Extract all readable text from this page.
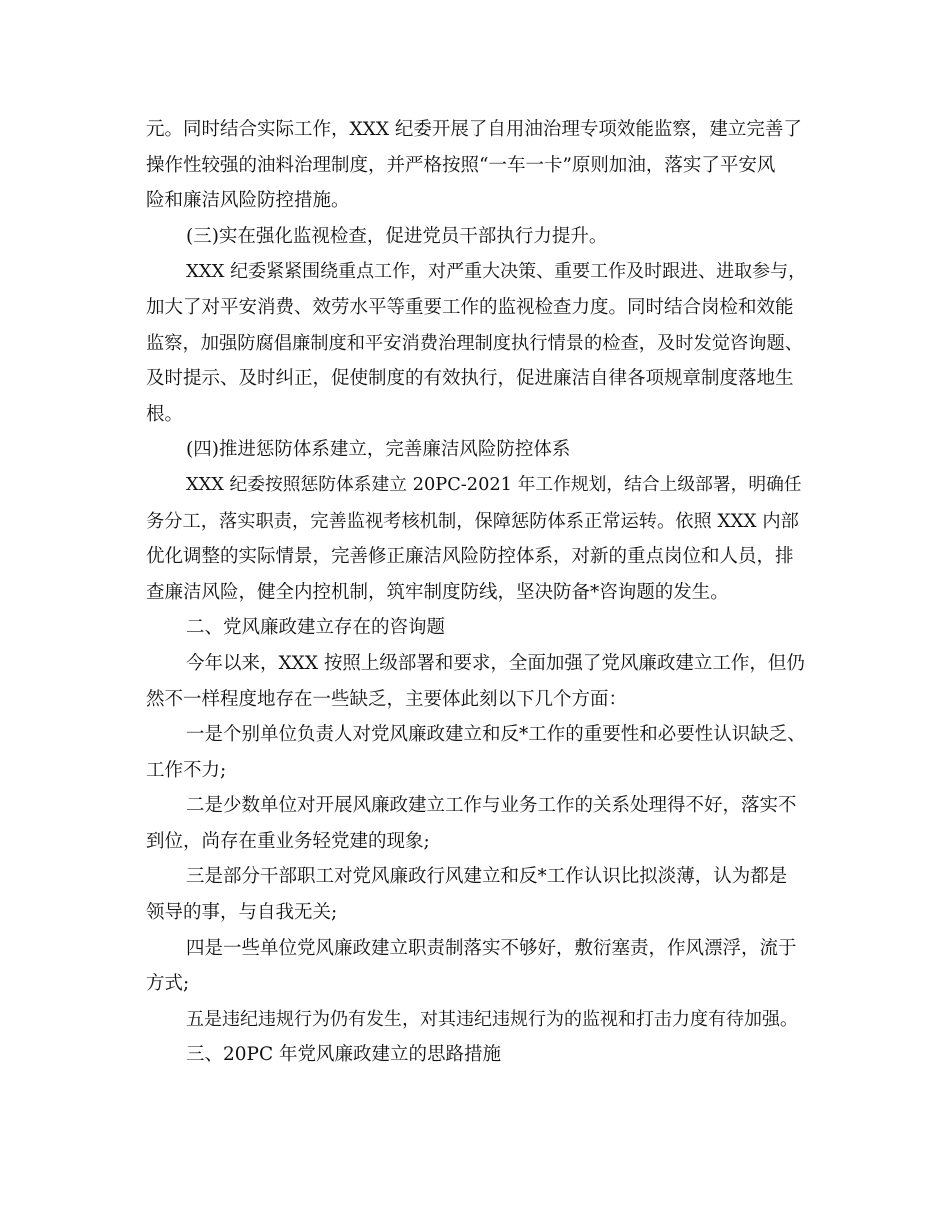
元。同时结合实际工作，XXX 纪委开展了自用油治理专项效能监察，建立完善了
操作性较强的油料治理制度，并严格按照“一车一卡”原则加油，落实了平安风
险和廉洁风险防控措施。
(三)实在强化监视检查，促进党员干部执行力提升。
XXX 纪委紧紧围绕重点工作，对严重大决策、重要工作及时跟进、进取参与，
加大了对平安消费、效劳水平等重要工作的监视检查力度。同时结合岗检和效能
监察，加强防腐倡廉制度和平安消费治理制度执行情景的检查，及时发觉咨询题、
及时提示、及时纠正，促使制度的有效执行，促进廉洁自律各项规章制度落地生
根。
(四)推进惩防体系建立，完善廉洁风险防控体系
XXX 纪委按照惩防体系建立 20PC-2021 年工作规划，结合上级部署，明确任
务分工，落实职责，完善监视考核机制，保障惩防体系正常运转。依照 XXX 内部
优化调整的实际情景，完善修正廉洁风险防控体系，对新的重点岗位和人员，排
查廉洁风险，健全内控机制，筑牢制度防线，坚决防备*咨询题的发生。
二、党风廉政建立存在的咨询题
今年以来，XXX 按照上级部署和要求，全面加强了党风廉政建立工作，但仍
然不一样程度地存在一些缺乏，主要体此刻以下几个方面：
一是个别单位负责人对党风廉政建立和反*工作的重要性和必要性认识缺乏、
工作不力;
二是少数单位对开展风廉政建立工作与业务工作的关系处理得不好，落实不
到位，尚存在重业务轻党建的现象;
三是部分干部职工对党风廉政行风建立和反*工作认识比拟淡薄，认为都是
领导的事，与自我无关;
四是一些单位党风廉政建立职责制落实不够好，敷衍塞责，作风漂浮，流于
方式;
五是违纪违规行为仍有发生，对其违纪违规行为的监视和打击力度有待加强。
三、20PC 年党风廉政建立的思路措施
